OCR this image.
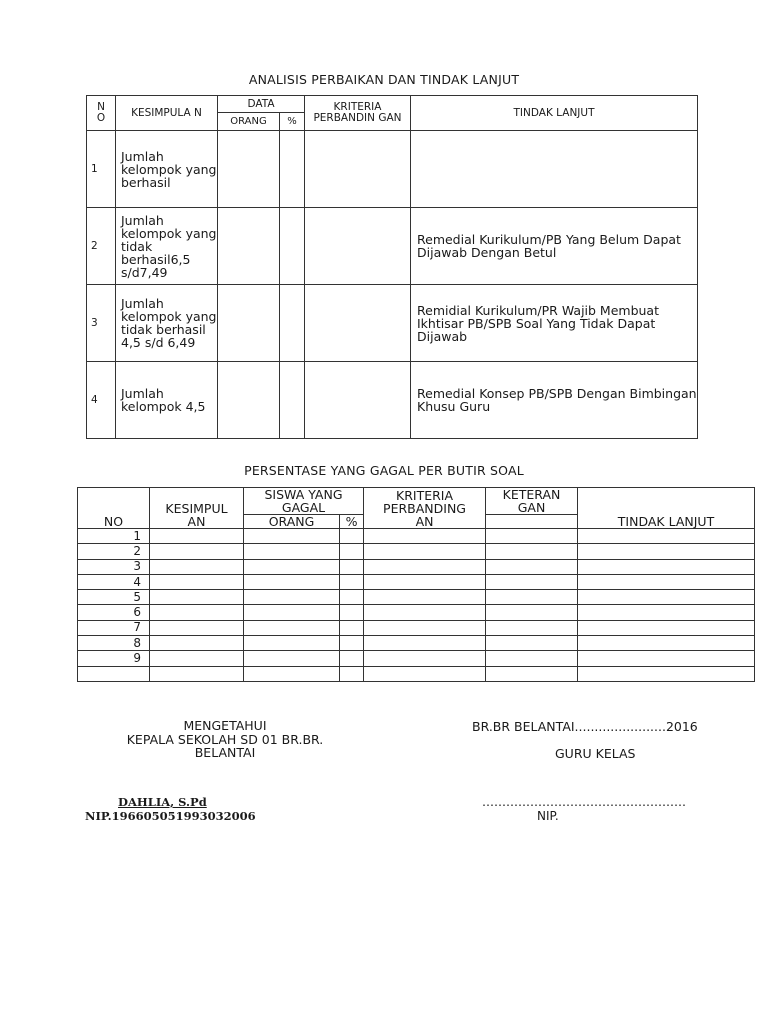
ANALISIS PERBAIKAN DAN TINDAK LANJUT
N O	KESIMPULA N	DATA		KRITERIA PERBANDIN GAN	TINDAK LANJUT
		ORANG	%		
1	Jumlah kelompok yang berhasil				
2	Jumlah kelompok yang tidak berhasil6,5 s/d7,49				Remedial Kurikulum/PB Yang Belum Dapat Dijawab Dengan Betul
3	Jumlah kelompok yang tidak berhasil 4,5 s/d 6,49				Remidial Kurikulum/PR Wajib Membuat Ikhtisar PB/SPB Soal Yang Tidak Dapat Dijawab
4	Jumlah kelompok 4,5				Remedial Konsep PB/SPB Dengan Bimbingan Khusu Guru
PERSENTASE YANG GAGAL PER BUTIR SOAL
NO	KESIMPUL AN	SISWA YANG GAGAL		KRITERIA PERBANDING AN	KETERAN GAN	TINDAK LANJUT
		ORANG	%			
1						
2						
3						
4						
5						
6						
7						
8						
9						

MENGETAHUI
KEPALA SEKOLAH SD 01 BR.BR.
BELANTAI
DAHLIA, S.Pd
NIP.196605051993032006
BR.BR BELANTAI.......................2016
GURU KELAS
……………………………………………
NIP.
